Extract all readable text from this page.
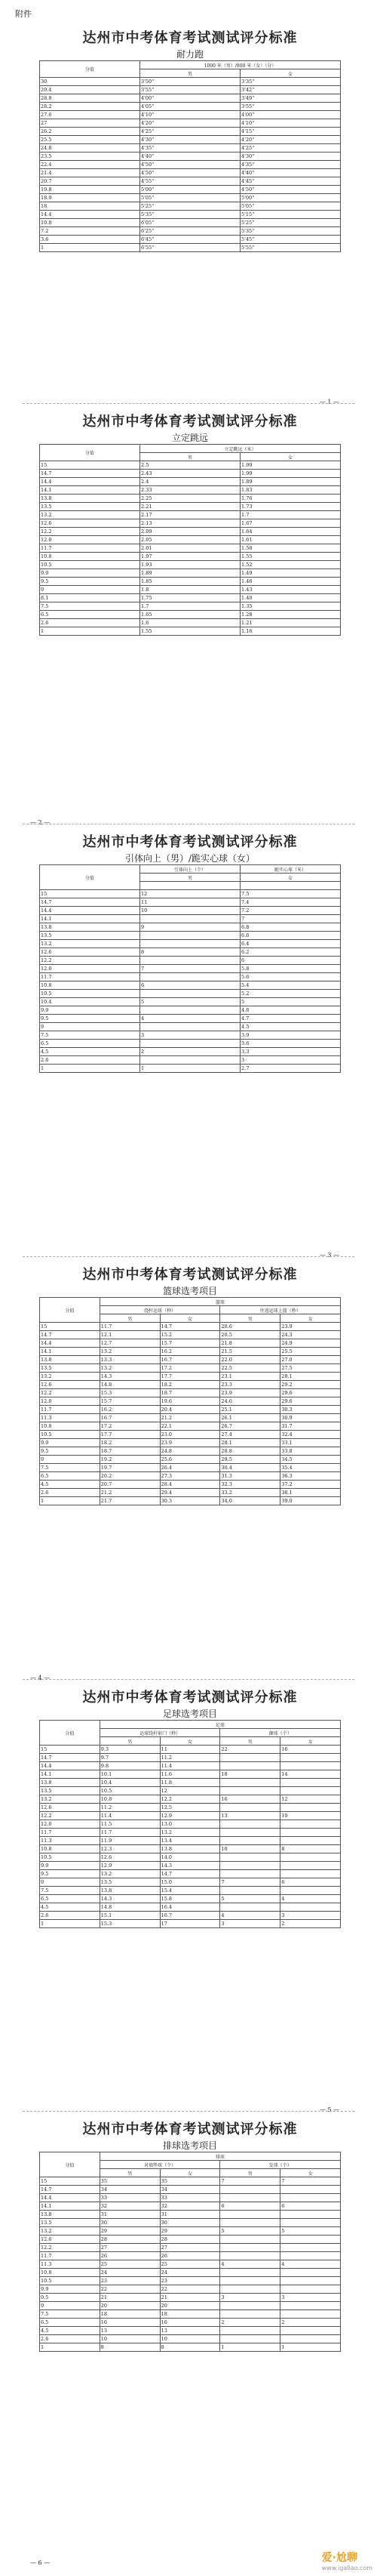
附件
达州市中考体育考试测试评分标准
耐力跑
分值	1000 米（男）/800 米（女）（分）	
	男	女

30	3'50"	3'35"
29.4	3'55"	3'42"
28.8	4'00"	3'49"
28.2	4'05"	3'55"
27.6	4'10"	4'00"
27	4'20"	4'10"
26.2	4'25"	4'15"
25.5	4'30"	4'20"
24.8	4'35"	4'25"
23.5	4'40"	4'30"
22.4	4'50"	4'35"
21.4	4'50"	4'40"
20.7	4'55"	4'45"
19.8	5'00"	4'50"
18.9	5'05"	5'00"
18	5'25"	5'05"
14.4	5'35"	5'15"
10.8	6'05"	5'25"
7.2	6'25"	5'35"
3.6	6'45"	5'45"
1	6'55"	5'55"
— 1 —
达州市中考体育考试测试评分标准
立定跳远
分值	立定跳远（米）	
	男	女

15	2.5	1.99
14.7	2.43	1.99
14.4	2.4	1.89
14.1	2.33	1.83
13.8	2.25	1.76
13.5	2.21	1.73
13.2	2.17	1.7
12.6	2.13	1.67
12.2	2.09	1.64
12.0	2.05	1.61
11.7	2.01	1.58
10.8	1.97	1.55
10.5	1.93	1.52
9.9	1.89	1.49
9.5	1.85	1.46
9	1.8	1.43
8.1	1.75	1.40
7.5	1.7	1.35
6.5	1.65	1.28
2.6	1.6	1.21
1	1.55	1.16
— 2 —
达州市中考体育考试测试评分标准
引体向上（男）/跪实心球（女）
分值	引体向上（个）	跪实心球（米）
	男	女

15	12	7.5
14.7	11	7.4
14.4	10	7.2
14.1		7
13.8	9	6.8
13.5		6.6
13.2		6.4
12.6	8	6.2
12.2		6
12.0	7	5.8
11.7		5.6
10.8	6	5.4
10.5		5.2
10.4	5	5
9.9		4.8
9.5	4	4.7
9		4.5
7.5	3	3.9
6.5		3.6
4.5	2	3.3
2.6		3
1	1	2.7
— 3 —
达州市中考体育考试测试评分标准
篮球选考项目
分值	篮球			
	绕杆运球（秒）		往返运球上篮（秒）	
	男	女	男	女
15	11.7	14.7	20.6	23.9
14.7	12.1	15.2	20.5	24.3
14.4	12.7	15.7	21.8	24.9
14.1	13.2	16.2	21.5	25.5
13.8	13.3	16.7	22.0	27.0
13.5	13.2	17.2	22.5	27.5
13.2	14.3	17.7	23.1	28.1
12.6	14.8	18.2	23.3	29.2
12.2	15.3	18.7	23.9	29.6
12.0	15.7	19.6	24.6	29.6
11.7	16.2	20.4	25.1	30.3
11.3	16.7	21.2	26.1	30.9
10.8	17.2	22.1	26.7	31.7
10.5	17.7	23.0	27.4	32.4
9.9	18.2	23.9	28.1	33.1
9.5	18.7	24.8	28.8	33.8
9	19.2	25.6	29.5	34.5
7.5	19.7	26.4	30.4	35.4
6.5	20.2	27.3	31.3	36.3
4.5	20.7	28.4	32.3	37.2
2.6	21.2	29.4	33.2	38.1
1	21.7	30.3	34.0	39.0
— 4 —
达州市中考体育考试测试评分标准
足球选考项目
分值	足球			
	运球绕杆射门（秒）		颠球（个）	
	男	女	男	女
15	9.3	11	22	16
14.7	9.7	11.2		
14.4	9.8	11.4		
14.1	10.1	11.6	18	14
13.8	10.4	11.8		
13.5	10.5	12		
13.2	10.8	12.2	16	12
12.6	11.2	12.5		
12.2	11.4	12.9	13	10
12.0	11.5	13.0		
11.7	11.7	13.2		
11.3	11.9	13.4		
10.8	12.3	13.8	10	8
10.5	12.6	14.0		
9.9	12.9	14.3		
9.5	13.2	14.7		
9	13.5	15.0	7	6
7.5	13.8	15.4		
6.5	14.3	15.8	5	4
4.5	14.8	16.4		
2.6	15.1	16.7	4	3
1	15.3	17	3	2
— 5 —
达州市中考体育考试测试评分标准
排球选考项目
分值	排球			
	对墙垫球（个）		发球（个）	
	男	女	男	女
15	35	35	7	7
14.7	34	34		
14.4	33	33		
14.1	32	32	6	6
13.8	31	31		
13.5	30	30		
13.2	29	29	5	5
12.6	28	28		
12.2	27	27		
11.7	26	26		
11.3	25	25	4	4
10.8	24	24		
10.5	23	23		
9.9	22	22		
9.5	21	21	3	3
9	20	20		
7.5	18	18		
6.5	16	16	2	2
4.5	13	13		
2.6	10	10		
1	8	8	1	1
— 6 —	爱·尬聊
www.igaliao.com
